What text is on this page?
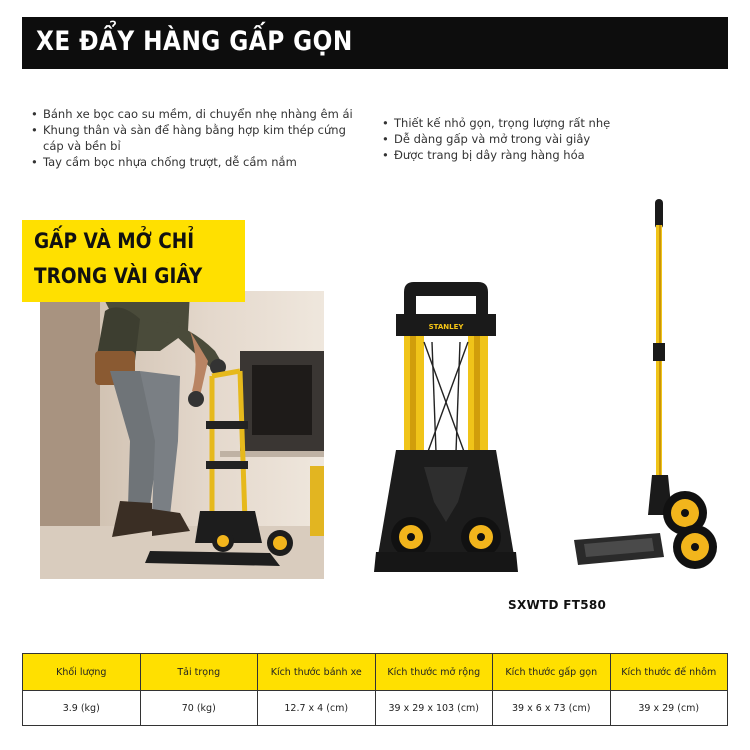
XE ĐẨY HÀNG GẤP GỌN
• Bánh xe bọc cao su mềm, di chuyển nhẹ nhàng êm ái
• Khung thân và sàn để hàng bằng hợp kim thép cứng cáp và bền bỉ
• Tay cầm bọc nhựa chống trượt, dễ cầm nắm
• Thiết kế nhỏ gọn, trọng lượng rất nhẹ
• Dễ dàng gấp và mở trong vài giây
• Được trang bị dây ràng hàng hóa
GẤP VÀ MỞ CHỈ
TRONG VÀI GIÂY
STANLEY
SXWTD FT580
Khối lượng	Tải trọng	Kích thước bánh xe	Kích thước mở rộng	Kích thước gấp gọn	Kích thước đế nhôm
3.9 (kg)	70 (kg)	12.7 x 4 (cm)	39 x 29 x 103 (cm)	39 x 6 x 73 (cm)	39 x 29 (cm)
